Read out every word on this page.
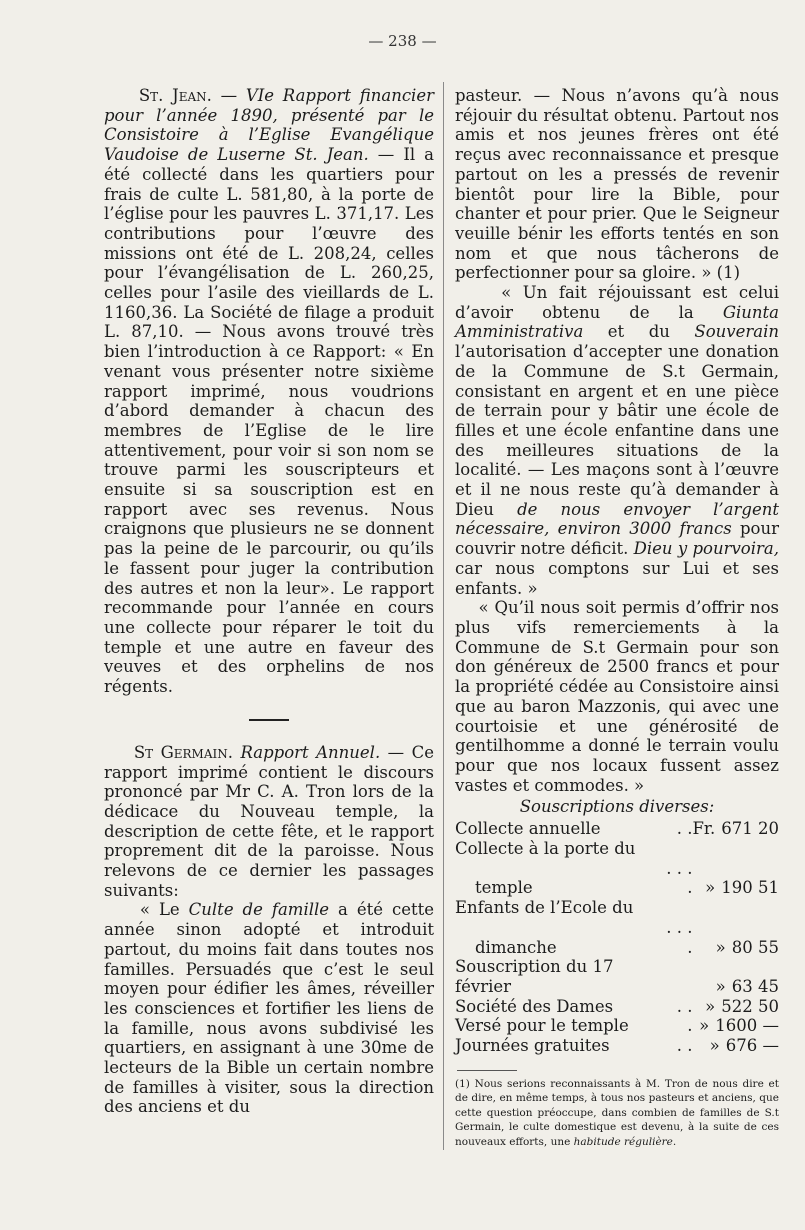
— 238 —

St. Jean. — VIe Rapport financier pour l’année 1890, présenté par le Consistoire à l’Eglise Evangélique Vaudoise de Luserne St. Jean. — Il a été collecté dans les quartiers pour frais de culte L. 581,80, à la porte de l’église pour les pauvres L. 371,17. Les contributions pour l’œuvre des missions ont été de L. 208,24, celles pour l’évangélisation de L. 260,25, celles pour l’asile des vieillards de L. 1160,36. La Société de filage a produit L. 87,10. — Nous avons trouvé très bien l’introduction à ce Rapport: « En venant vous présenter notre sixième rapport imprimé, nous voudrions d’abord demander à chacun des membres de l’Eglise de le lire attentivement, pour voir si son nom se trouve parmi les souscripteurs et ensuite si sa souscription est en rapport avec ses revenus. Nous craignons que plusieurs ne se donnent pas la peine de le parcourir, ou qu’ils le fassent pour juger la contribution des autres et non la leur». Le rapport recommande pour l’année en cours une collecte pour réparer le toit du temple et une autre en faveur des veuves et des orphelins de nos régents.

St Germain. Rapport Annuel. — Ce rapport imprimé contient le discours prononcé par Mr C. A. Tron lors de la dédicace du Nouveau temple, la description de cette fête, et le rapport proprement dit de la paroisse. Nous relevons de ce dernier les passages suivants:

« Le Culte de famille a été cette année sinon adopté et introduit partout, du moins fait dans toutes nos familles. Persuadés que c’est le seul moyen pour édifier les âmes, réveiller les consciences et fortifier les liens de la famille, nous avons subdivisé les quartiers, en assignant à une 30me de lecteurs de la Bible un certain nombre de familles à visiter, sous la direction des anciens et du

pasteur. — Nous n’avons qu’à nous réjouir du résultat obtenu. Partout nos amis et nos jeunes frères ont été reçus avec reconnaissance et presque partout on les a pressés de revenir bientôt pour lire la Bible, pour chanter et pour prier. Que le Seigneur veuille bénir les efforts tentés en son nom et que nous tâcherons de perfectionner pour sa gloire. » (1)

« Un fait réjouissant est celui d’avoir obtenu de la Giunta Amministrativa et du Souverain l’autorisation d’accepter une donation de la Commune de S.t Germain, consistant en argent et en une pièce de terrain pour y bâtir une école de filles et une école enfantine dans une des meilleures situations de la localité. — Les maçons sont à l’œuvre et il ne nous reste qu’à demander à Dieu de nous envoyer l’argent nécessaire, environ 3000 francs pour couvrir notre déficit. Dieu y pourvoira, car nous comptons sur Lui et ses enfants. »

« Qu’il nous soit permis d’offrir nos plus vifs remerciements à la Commune de S.t Germain pour son don généreux de 2500 francs et pour la propriété cédée au Consistoire ainsi que au baron Mazzonis, qui avec une courtoisie et une générosité de gentilhomme a donné le terrain voulu pour que nos locaux fussent assez vastes et commodes. »

Souscriptions diverses:
Collecte annuelle	. .	Fr. 671 20
Collecte à la porte du		
temple	. . . .	» 190 51
Enfants de l’Ecole du		
dimanche	. . . .	» 80 55
Souscription du 17 février		» 63 45
Société des Dames	. .	» 522 50
Versé pour le temple	.	» 1600 —
Journées gratuites	. .	» 676 —

(1) Nous serions reconnaissants à M. Tron de nous dire et de dire, en même temps, à tous nos pasteurs et anciens, que cette question préoccupe, dans combien de familles de S.t Germain, le culte domestique est devenu, à la suite de ces nouveaux efforts, une habitude régulière.
